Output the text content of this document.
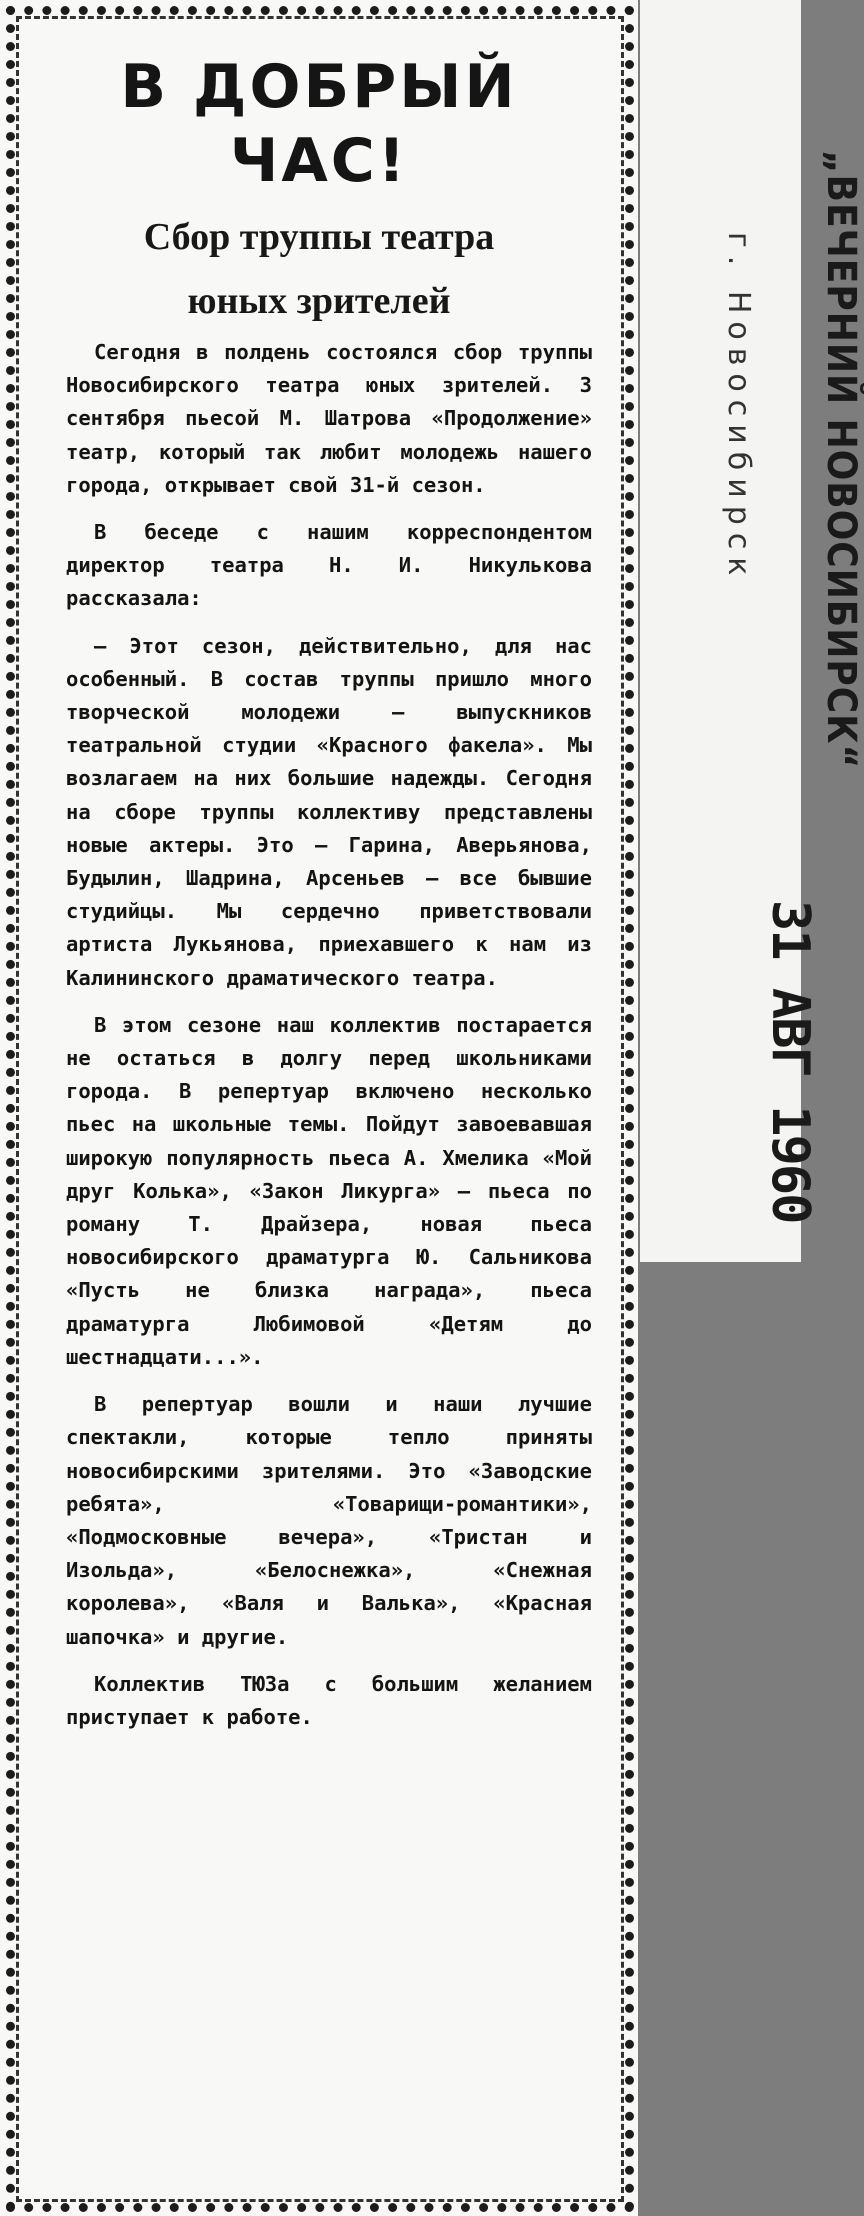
В ДОБРЫЙ
ЧАС!
Сбор труппы театра
юных зрителей

Сегодня в полдень состоялся сбор труппы Новосибирского театра юных зрителей. 3 сентября пьесой М. Шатрова «Продолжение» театр, который так любит молодежь нашего города, открывает свой 31-й сезон.

В беседе с нашим корреспондентом директор театра Н. И. Никулькова рассказала:

— Этот сезон, действительно, для нас особенный. В состав труппы пришло много творческой молодежи — выпускников театральной студии «Красного факела». Мы возлагаем на них большие надежды. Сегодня на сборе труппы коллективу представлены новые актеры. Это — Гарина, Аверьянова, Будылин, Шадрина, Арсеньев — все бывшие студийцы. Мы сердечно приветствовали артиста Лукьянова, приехавшего к нам из Калининского драматического театра.

В этом сезоне наш коллектив постарается не остаться в долгу перед школьниками города. В репертуар включено несколько пьес на школьные темы. Пойдут завоевавшая широкую популярность пьеса А. Хмелика «Мой друг Колька», «Закон Ликурга» — пьеса по роману Т. Драйзера, новая пьеса новосибирского драматурга Ю. Сальникова «Пусть не близка награда», пьеса драматурга Любимовой «Детям до шестнадцати...».

В репертуар вошли и наши лучшие спектакли, которые тепло приняты новосибирскими зрителями. Это «Заводские ребята», «Товарищи-романтики», «Подмосковные вечера», «Тристан и Изольда», «Белоснежка», «Снежная королева», «Валя и Валька», «Красная шапочка» и другие.

Коллектив ТЮЗа с большим желанием приступает к работе.

„ВЕЧЕРНИЙ НОВОСИБИРСК“
г. Новосибирск
31 АВГ 1960
